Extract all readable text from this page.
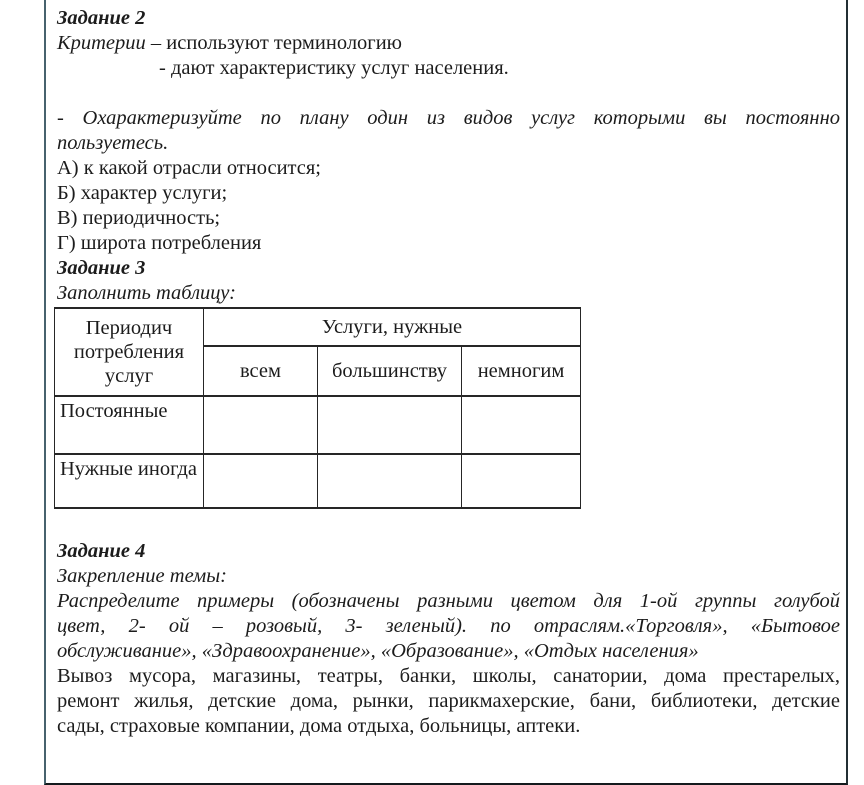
Задание 2
Критерии – используют терминологию
- дают характеристику услуг населения.
- Охарактеризуйте по плану один из видов услуг которыми вы постоянно
пользуетесь.
А) к какой отрасли относится;
Б) характер услуги;
В) периодичность;
Г) широта потребления
Задание 3
Заполнить таблицу:
Периодич потребления услуг	Услуги, нужные		
	всем	большинству	немногим
Постоянные			
Нужные иногда			
Задание 4
Закрепление темы:
Распределите примеры (обозначены разными цветом для 1-ой группы голубой
цвет, 2- ой – розовый, 3- зеленый). по отраслям.«Торговля», «Бытовое
обслуживание», «Здравоохранение», «Образование», «Отдых населения»
Вывоз мусора, магазины, театры, банки, школы, санатории, дома престарелых,
ремонт жилья, детские дома, рынки, парикмахерские, бани, библиотеки, детские
сады, страховые компании, дома отдыха, больницы, аптеки.
